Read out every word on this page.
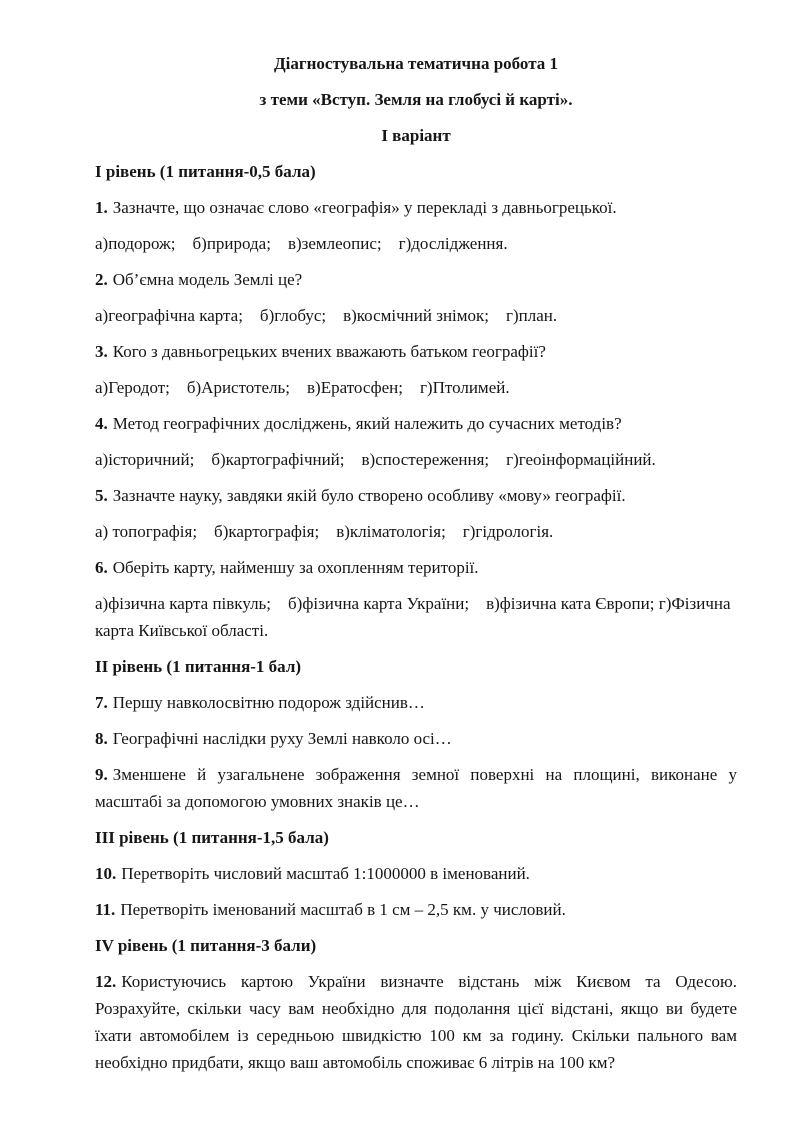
Діагностувальна тематична робота 1

з теми «Вступ. Земля на глобусі й карті».

І варіант

І рівень (1 питання-0,5 бала)

1. Зазначте, що означає слово «географія» у перекладі з давньогрецької.

а)подорож;    б)природа;    в)землеопис;    г)дослідження.

2. Об’ємна модель Землі це?

а)географічна карта;    б)глобус;    в)космічний знімок;    г)план.

3. Кого з давньогрецьких вчених вважають батьком географії?

а)Геродот;    б)Аристотель;    в)Ератосфен;    г)Птолимей.

4. Метод географічних досліджень, який належить до сучасних методів?

а)історичний;    б)картографічний;    в)спостереження;    г)геоінформаційний.

5. Зазначте науку, завдяки якій було створено особливу «мову» географії.

а) топографія;    б)картографія;    в)кліматологія;    г)гідрологія.

6. Оберіть карту, найменшу за охопленням території.

а)фізична карта півкуль;    б)фізична карта України;    в)фізична ката Європи; г)Фізична карта Київської області.

ІІ рівень (1 питання-1 бал)

7. Першу навколосвітню подорож здійснив…

8. Географічні наслідки руху Землі навколо осі…

9. Зменшене й узагальнене зображення земної поверхні на площині, виконане у масштабі за допомогою умовних знаків це…

ІІІ рівень (1 питання-1,5 бала)

10. Перетворіть числовий масштаб 1:1000000 в іменований.

11. Перетворіть іменований масштаб в 1 см – 2,5 км. у числовий.

ІV рівень (1 питання-3 бали)

12. Користуючись картою України визначте відстань між Києвом та Одесою. Розрахуйте, скільки часу вам необхідно для подолання цієї відстані, якщо ви будете їхати автомобілем із середньою швидкістю 100 км за годину. Скільки пального вам необхідно придбати, якщо ваш автомобіль споживає 6 літрів на 100 км?
